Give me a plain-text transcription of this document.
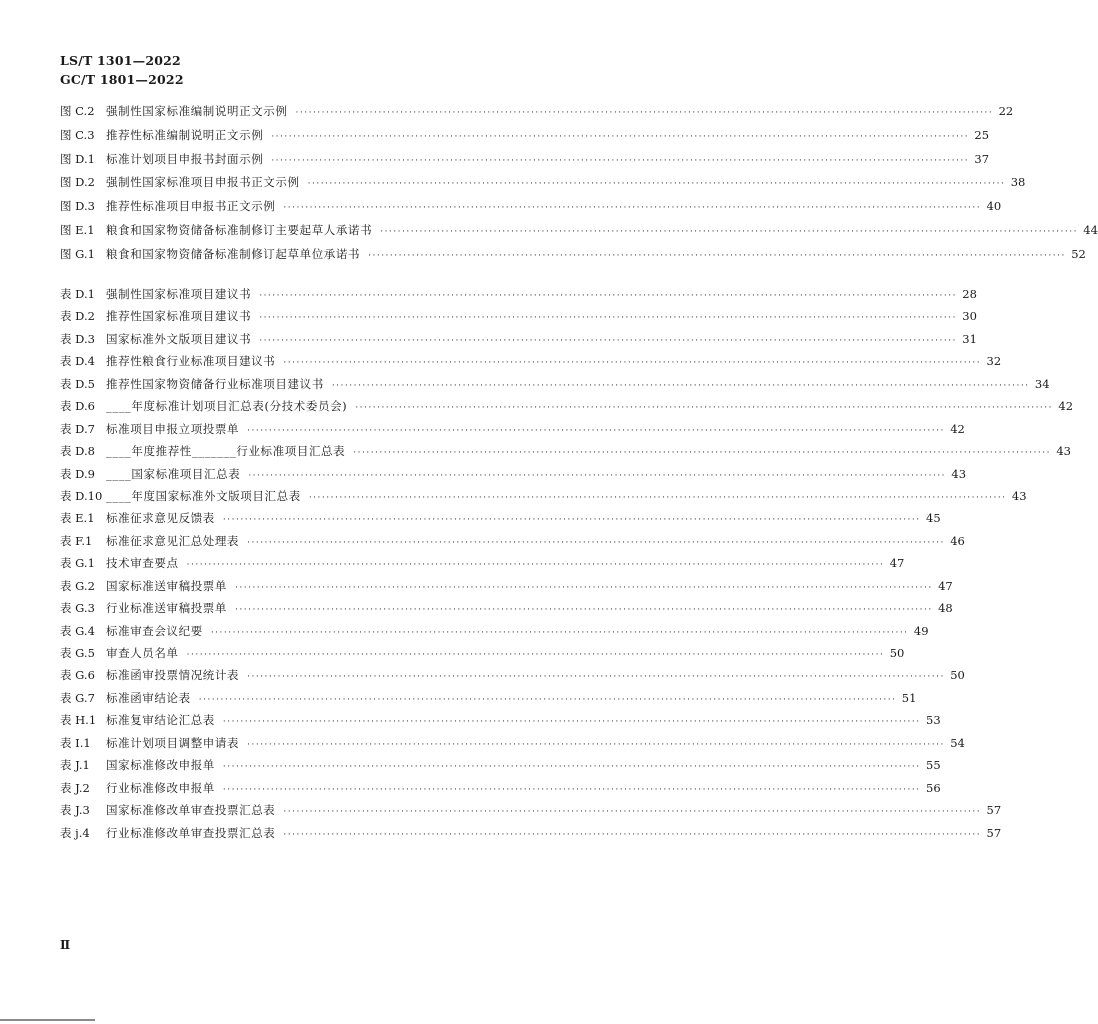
LS/T 1301—2022
GC/T 1801—2022
图 C.2 强制性国家标准编制说明正文示例 ································································································································································ 22
图 C.3 推荐性标准编制说明正文示例 ································································································································································ 25
图 D.1 标准计划项目申报书封面示例 ································································································································································ 37
图 D.2 强制性国家标准项目申报书正文示例 ································································································································································ 38
图 D.3 推荐性标准项目申报书正文示例 ································································································································································ 40
图 E.1 粮食和国家物资储备标准制修订主要起草人承诺书 ································································································································································ 44
图 G.1 粮食和国家物资储备标准制修订起草单位承诺书 ································································································································································ 52
表 D.1 强制性国家标准项目建议书 ································································································································································ 28
表 D.2 推荐性国家标准项目建议书 ································································································································································ 30
表 D.3 国家标准外文版项目建议书 ································································································································································ 31
表 D.4 推荐性粮食行业标准项目建议书 ································································································································································ 32
表 D.5 推荐性国家物资储备行业标准项目建议书 ································································································································································ 34
表 D.6 ____年度标准计划项目汇总表(分技术委员会) ································································································································································ 42
表 D.7 标准项目申报立项投票单 ································································································································································ 42
表 D.8 ____年度推荐性_______行业标准项目汇总表 ································································································································································ 43
表 D.9 ____国家标准项目汇总表 ································································································································································ 43
表 D.10 ____年度国家标准外文版项目汇总表 ································································································································································ 43
表 E.1 标准征求意见反馈表 ································································································································································ 45
表 F.1	标准征求意见汇总处理表 ································································································································································ 46
表 G.1 技术审查要点 ································································································································································ 47
表 G.2 国家标准送审稿投票单 ································································································································································ 47
表 G.3 行业标准送审稿投票单 ································································································································································ 48
表 G.4 标准审查会议纪要 ································································································································································ 49
表 G.5 审查人员名单 ································································································································································ 50
表 G.6 标准函审投票情况统计表 ································································································································································ 50
表 G.7 标准函审结论表 ································································································································································ 51
表 H.1 标准复审结论汇总表 ································································································································································ 53
表 I.1	标准计划项目调整申请表 ································································································································································ 54
表 J.1	国家标准修改申报单 ································································································································································ 55
表 J.2	行业标准修改申报单 ································································································································································ 56
表 J.3	国家标准修改单审查投票汇总表 ································································································································································ 57
表 j.4	行业标准修改单审查投票汇总表 ································································································································································ 57
Ⅱ
